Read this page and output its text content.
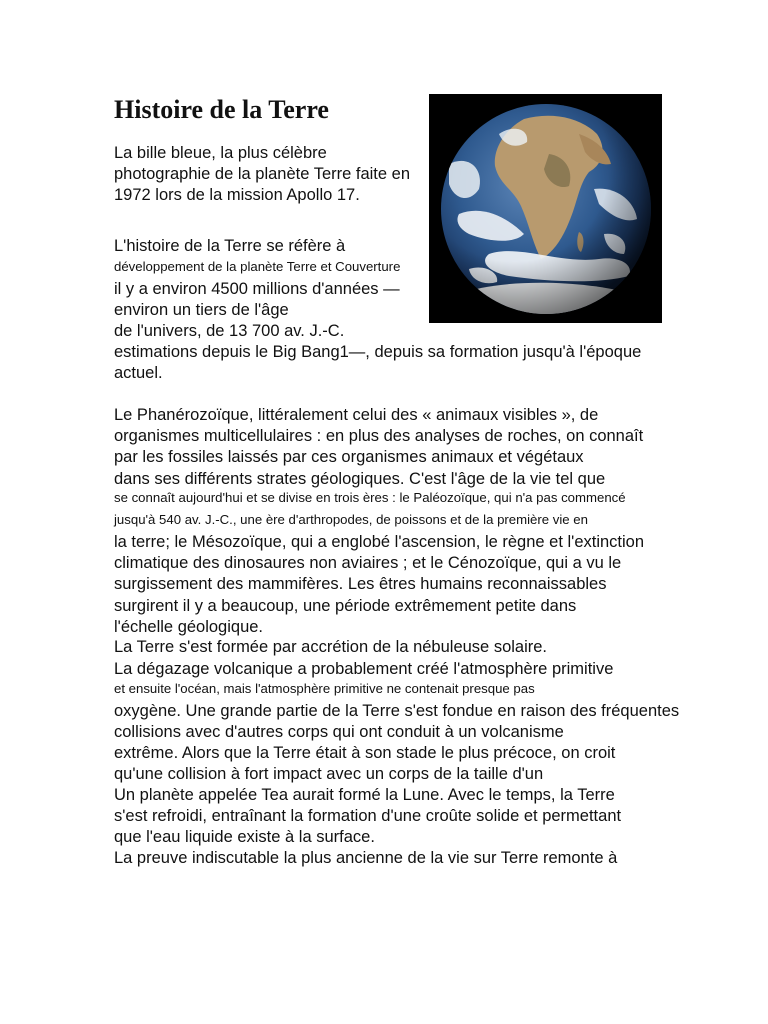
Histoire de la Terre
La bille bleue, la plus célèbre
photographie de la planète Terre faite en
1972 lors de la mission Apollo 17.
L'histoire de la Terre se réfère à
développement de la planète Terre et Couverture
il y a environ 4500 millions d'années —
environ un tiers de l'âge
de l'univers, de 13 700 av. J.-C.
estimations depuis le Big Bang1—, depuis sa formation jusqu'à l'époque
actuel.
Le Phanérozoïque, littéralement celui des « animaux visibles », de
organismes multicellulaires : en plus des analyses de roches, on connaît
par les fossiles laissés par ces organismes animaux et végétaux
dans ses différents strates géologiques. C'est l'âge de la vie tel que
se connaît aujourd'hui et se divise en trois ères : le Paléozoïque, qui n'a pas commencé
jusqu'à 540 av. J.-C., une ère d'arthropodes, de poissons et de la première vie en
la terre; le Mésozoïque, qui a englobé l'ascension, le règne et l'extinction
climatique des dinosaures non aviaires ; et le Cénozoïque, qui a vu le
surgissement des mammifères. Les êtres humains reconnaissables
surgirent il y a beaucoup, une période extrêmement petite dans
l'échelle géologique.
La Terre s'est formée par accrétion de la nébuleuse solaire.
La dégazage volcanique a probablement créé l'atmosphère primitive
et ensuite l'océan, mais l'atmosphère primitive ne contenait presque pas
oxygène. Une grande partie de la Terre s'est fondue en raison des fréquentes
collisions avec d'autres corps qui ont conduit à un volcanisme
extrême. Alors que la Terre était à son stade le plus précoce, on croit
qu'une collision à fort impact avec un corps de la taille d'un
Un planète appelée Tea aurait formé la Lune. Avec le temps, la Terre
s'est refroidi, entraînant la formation d'une croûte solide et permettant
que l'eau liquide existe à la surface.
La preuve indiscutable la plus ancienne de la vie sur Terre remonte à
